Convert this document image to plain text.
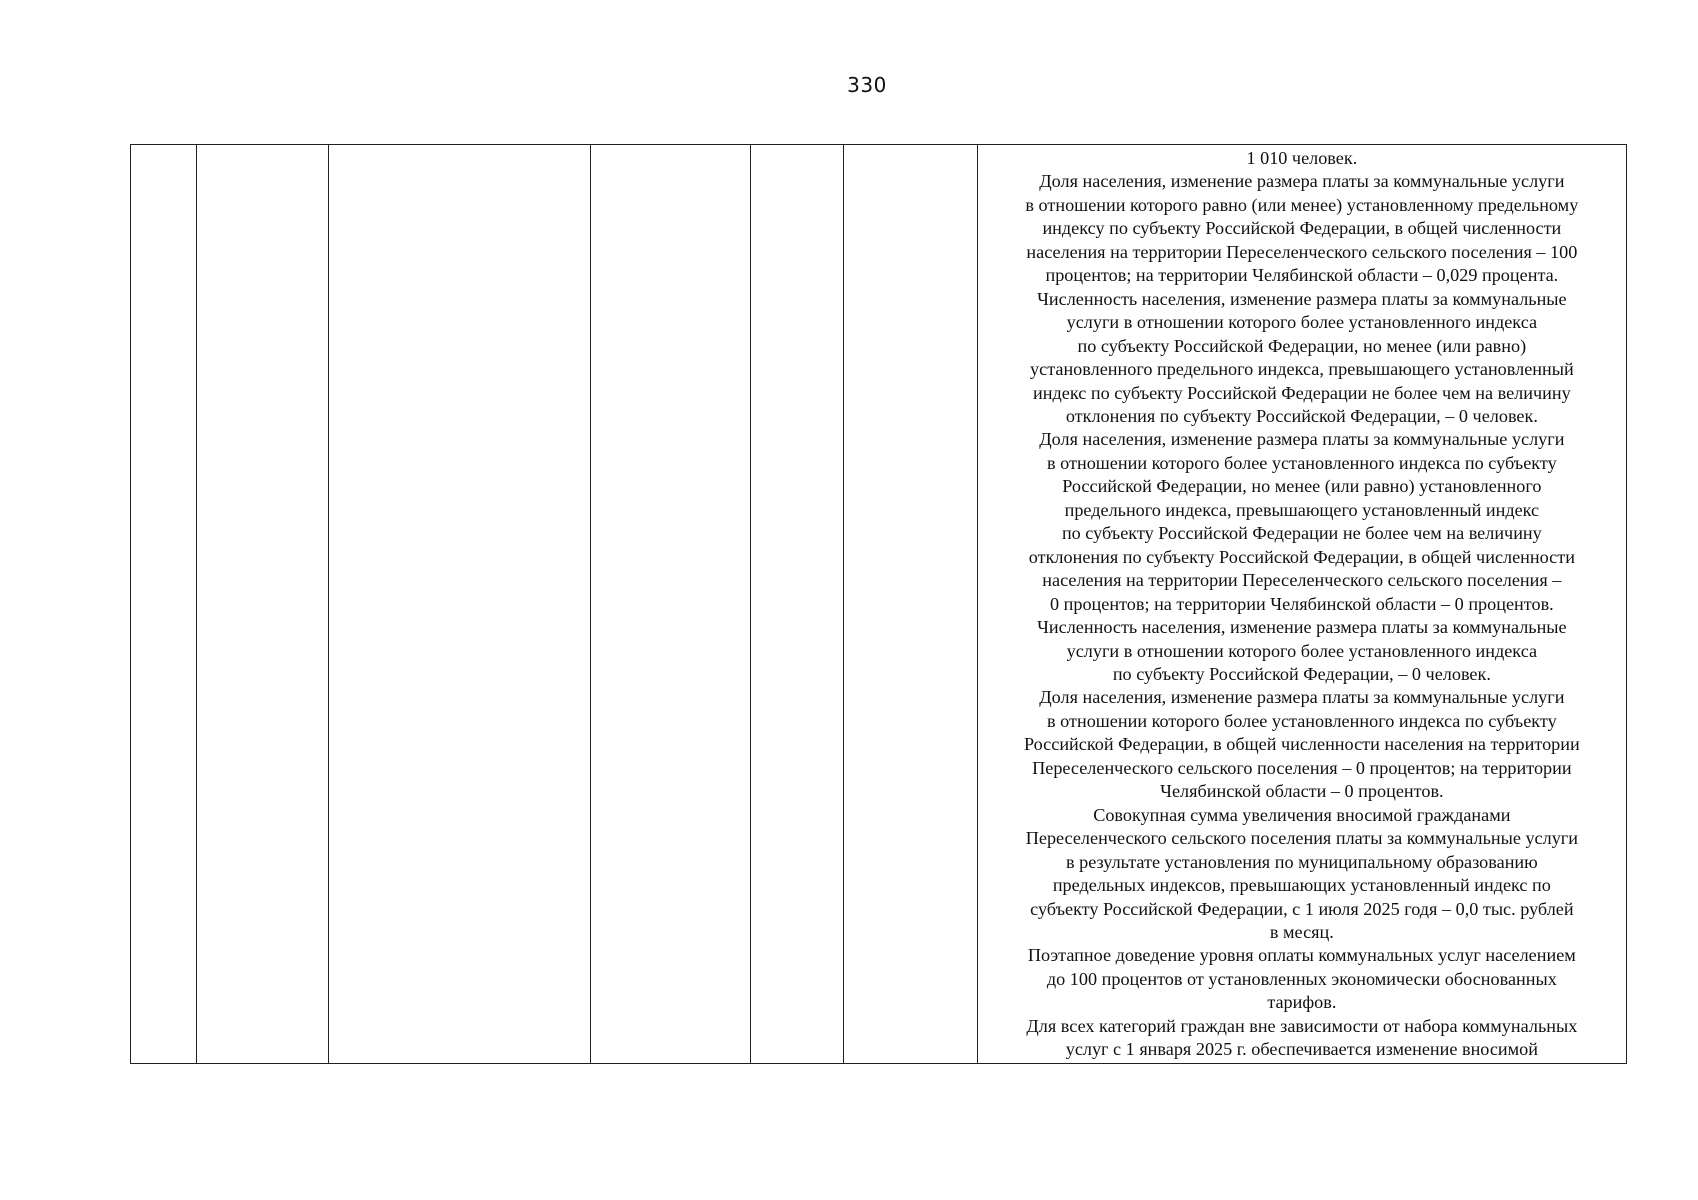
330

1 010 человек.
Доля населения, изменение размера платы за коммунальные услуги
в отношении которого равно (или менее) установленному предельному
индексу по субъекту Российской Федерации, в общей численности
населения на территории Переселенческого сельского поселения – 100
процентов; на территории Челябинской области – 0,029 процента.
Численность населения, изменение размера платы за коммунальные
услуги в отношении которого более установленного индекса
по субъекту Российской Федерации, но менее (или равно)
установленного предельного индекса, превышающего установленный
индекс по субъекту Российской Федерации не более чем на величину
отклонения по субъекту Российской Федерации, – 0 человек.
Доля населения, изменение размера платы за коммунальные услуги
в отношении которого более установленного индекса по субъекту
Российской Федерации, но менее (или равно) установленного
предельного индекса, превышающего установленный индекс
по субъекту Российской Федерации не более чем на величину
отклонения по субъекту Российской Федерации, в общей численности
населения на территории Переселенческого сельского поселения –
0 процентов; на территории Челябинской области – 0 процентов.
Численность населения, изменение размера платы за коммунальные
услуги в отношении которого более установленного индекса
по субъекту Российской Федерации, – 0 человек.
Доля населения, изменение размера платы за коммунальные услуги
в отношении которого более установленного индекса по субъекту
Российской Федерации, в общей численности населения на территории
Переселенческого сельского поселения – 0 процентов; на территории
Челябинской области – 0 процентов.
Совокупная сумма увеличения вносимой гражданами
Переселенческого сельского поселения платы за коммунальные услуги
в результате установления по муниципальному образованию
предельных индексов, превышающих установленный индекс по
субъекту Российской Федерации, с 1 июля 2025 годя – 0,0 тыс. рублей
в месяц.
Поэтапное доведение уровня оплаты коммунальных услуг населением
до 100 процентов от установленных экономически обоснованных
тарифов.
Для всех категорий граждан вне зависимости от набора коммунальных
услуг с 1 января 2025 г. обеспечивается изменение вносимой
